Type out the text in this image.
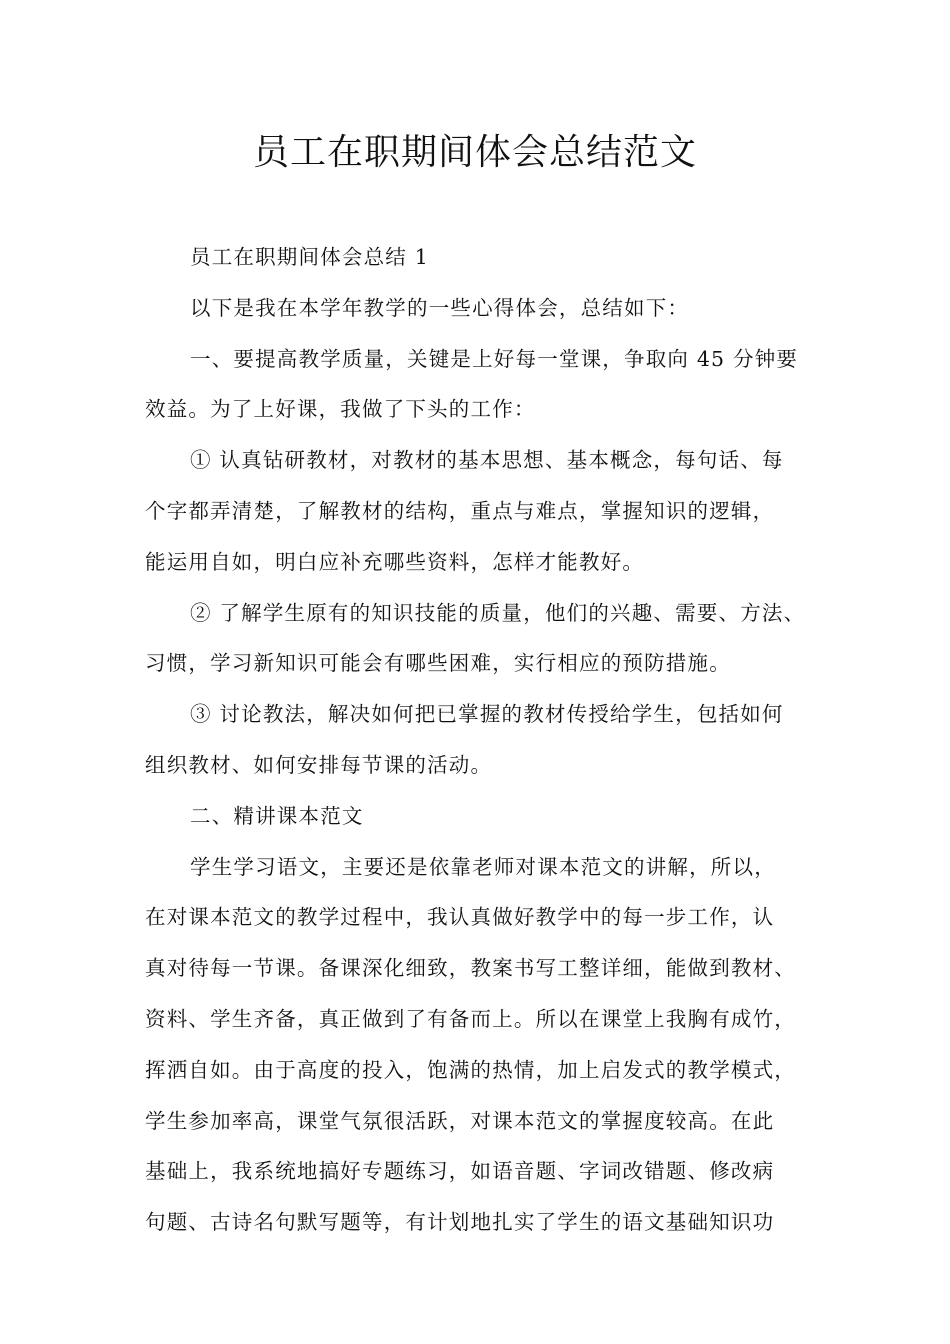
员工在职期间体会总结范文
员工在职期间体会总结 1
以下是我在本学年教学的一些心得体会，总结如下：
一、要提高教学质量，关键是上好每一堂课，争取向 45 分钟要
效益。为了上好课，我做了下头的工作：
① 认真钻研教材，对教材的基本思想、基本概念，每句话、每
个字都弄清楚，了解教材的结构，重点与难点，掌握知识的逻辑，
能运用自如，明白应补充哪些资料，怎样才能教好。
② 了解学生原有的知识技能的质量，他们的兴趣、需要、方法、
习惯，学习新知识可能会有哪些困难，实行相应的预防措施。
③ 讨论教法，解决如何把已掌握的教材传授给学生，包括如何
组织教材、如何安排每节课的活动。
二、精讲课本范文
学生学习语文，主要还是依靠老师对课本范文的讲解，所以，
在对课本范文的教学过程中，我认真做好教学中的每一步工作，认
真对待每一节课。备课深化细致，教案书写工整详细，能做到教材、
资料、学生齐备，真正做到了有备而上。所以在课堂上我胸有成竹，
挥洒自如。由于高度的投入，饱满的热情，加上启发式的教学模式，
学生参加率高，课堂气氛很活跃，对课本范文的掌握度较高。在此
基础上，我系统地搞好专题练习，如语音题、字词改错题、修改病
句题、古诗名句默写题等，有计划地扎实了学生的语文基础知识功
